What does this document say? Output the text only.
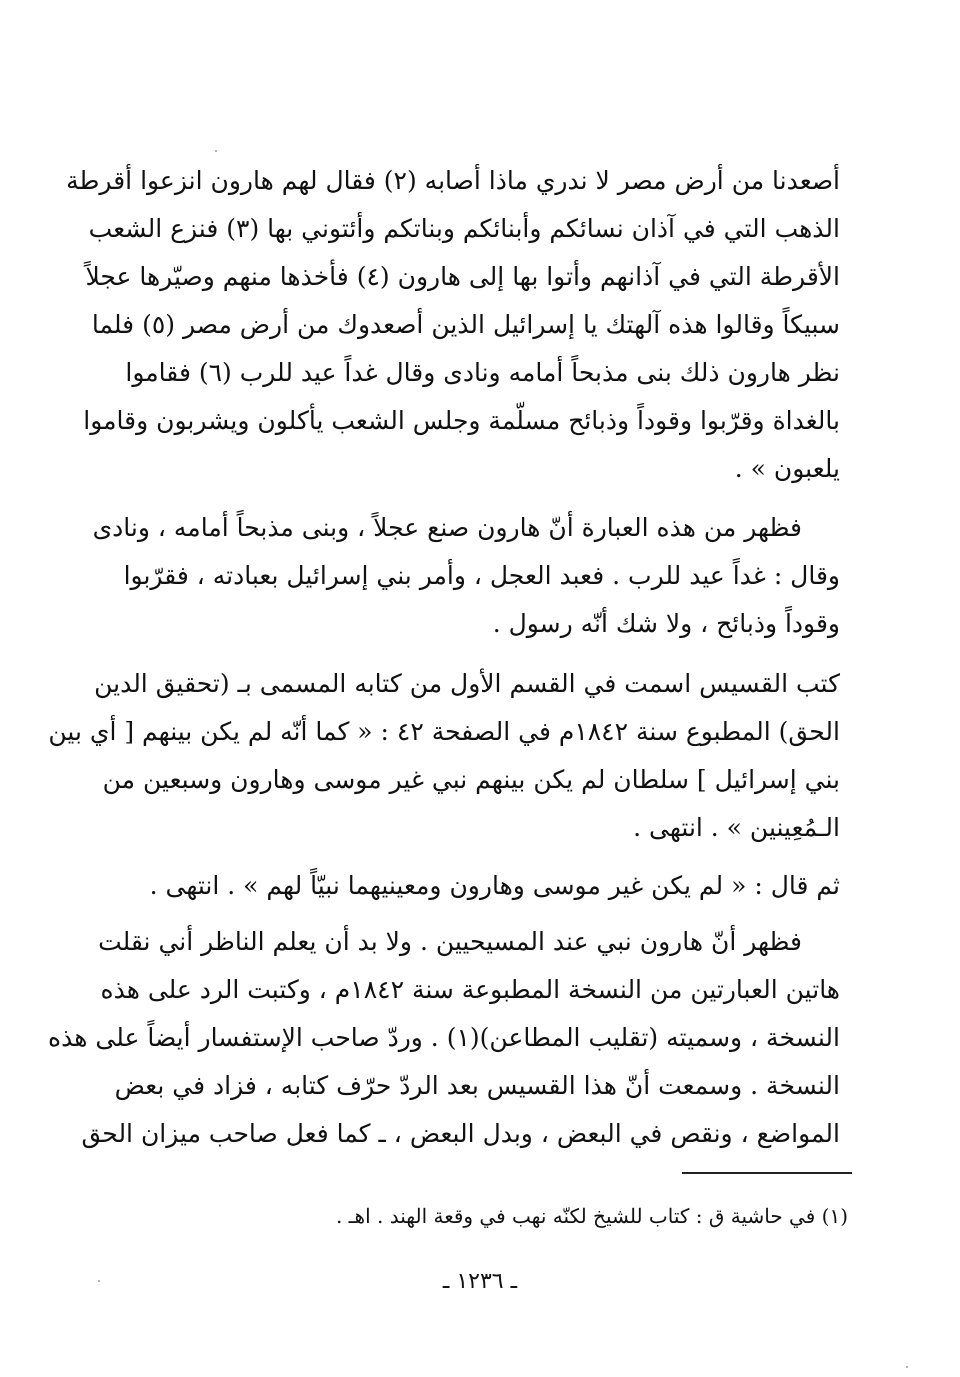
أصعدنا من أرض مصر لا ندري ماذا أصابه (٢) فقال لهم هارون انزعوا أقرطة
الذهب التي في آذان نسائكم وأبنائكم وبناتكم وأئتوني بها (٣) فنزع الشعب
الأقرطة التي في آذانهم وأتوا بها إلى هارون (٤) فأخذها منهم وصيّرها عجلاً
سبيكاً وقالوا هذه آلهتك يا إسرائيل الذين أصعدوك من أرض مصر (٥) فلما
نظر هارون ذلك بنى مذبحاً أمامه ونادى وقال غداً عيد للرب (٦) فقاموا
بالغداة وقرّبوا وقوداً وذبائح مسلّمة وجلس الشعب يأكلون ويشربون وقاموا
يلعبون » .
فظهر من هذه العبارة أنّ هارون صنع عجلاً ، وبنى مذبحاً أمامه ، ونادى
وقال : غداً عيد للرب . فعبد العجل ، وأمر بني إسرائيل بعبادته ، فقرّبوا
وقوداً وذبائح ، ولا شك أنّه رسول .
كتب القسيس اسمت في القسم الأول من كتابه المسمى بـ (تحقيق الدين
الحق) المطبوع سنة ١٨٤٢م في الصفحة ٤٢ : « كما أنّه لم يكن بينهم [ أي بين
بني إسرائيل ] سلطان لم يكن بينهم نبي غير موسى وهارون وسبعين من
الـمُعِينين » . انتهى .
ثم قال : « لم يكن غير موسى وهارون ومعينيهما نبيّاً لهم » . انتهى .
فظهر أنّ هارون نبي عند المسيحيين . ولا بد أن يعلم الناظر أني نقلت
هاتين العبارتين من النسخة المطبوعة سنة ١٨٤٢م ، وكتبت الرد على هذه
النسخة ، وسميته (تقليب المطاعن)(١) . وردّ صاحب الإستفسار أيضاً على هذه
النسخة . وسمعت أنّ هذا القسيس بعد الردّ حرّف كتابه ، فزاد في بعض
المواضع ، ونقص في البعض ، وبدل البعض ، ـ كما فعل صاحب ميزان الحق
(١) في حاشية ق : كتاب للشيخ لكنّه نهب في وقعة الهند . اهـ .
ـ ١٢٣٦ ـ
